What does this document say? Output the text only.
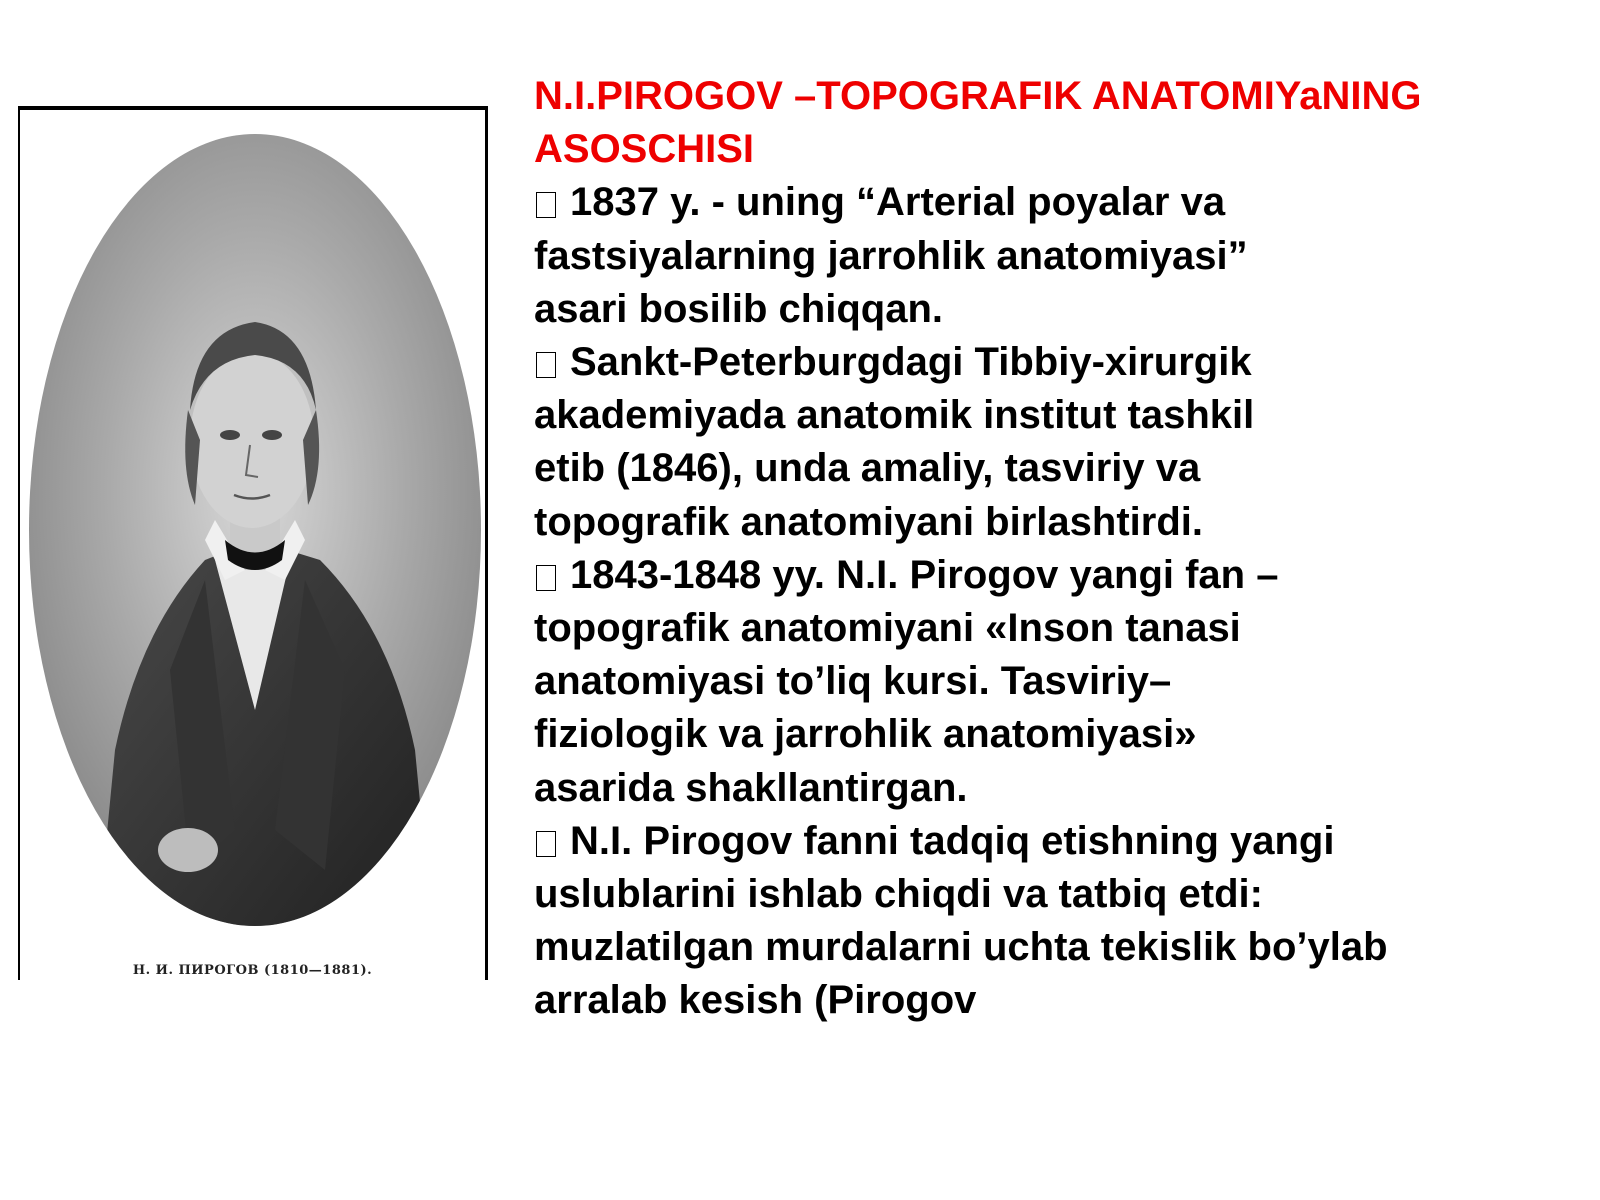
Н. И. ПИРОГОВ (1810—1881).

N.I.PIROGOV –TOPOGRAFIK ANATOMIYaNING ASOSCHISI

1837 y. - uning “Arterial poyalar va
fastsiyalarning jarrohlik anatomiyasi”
asari bosilib chiqqan.

Sankt-Peterburgdagi Tibbiy-xirurgik
akademiyada anatomik institut tashkil
etib (1846), unda amaliy, tasviriy va
topografik anatomiyani birlashtirdi.

1843-1848 yy. N.I. Pirogov yangi fan –
topografik anatomiyani «Inson tanasi
anatomiyasi to’liq kursi. Tasviriy–
fiziologik va jarrohlik anatomiyasi»
asarida shakllantirgan.

N.I. Pirogov fanni tadqiq etishning yangi
uslublarini ishlab chiqdi va tatbiq etdi:
muzlatilgan murdalarni uchta tekislik bo’ylab
arralab kesish (Pirogov
